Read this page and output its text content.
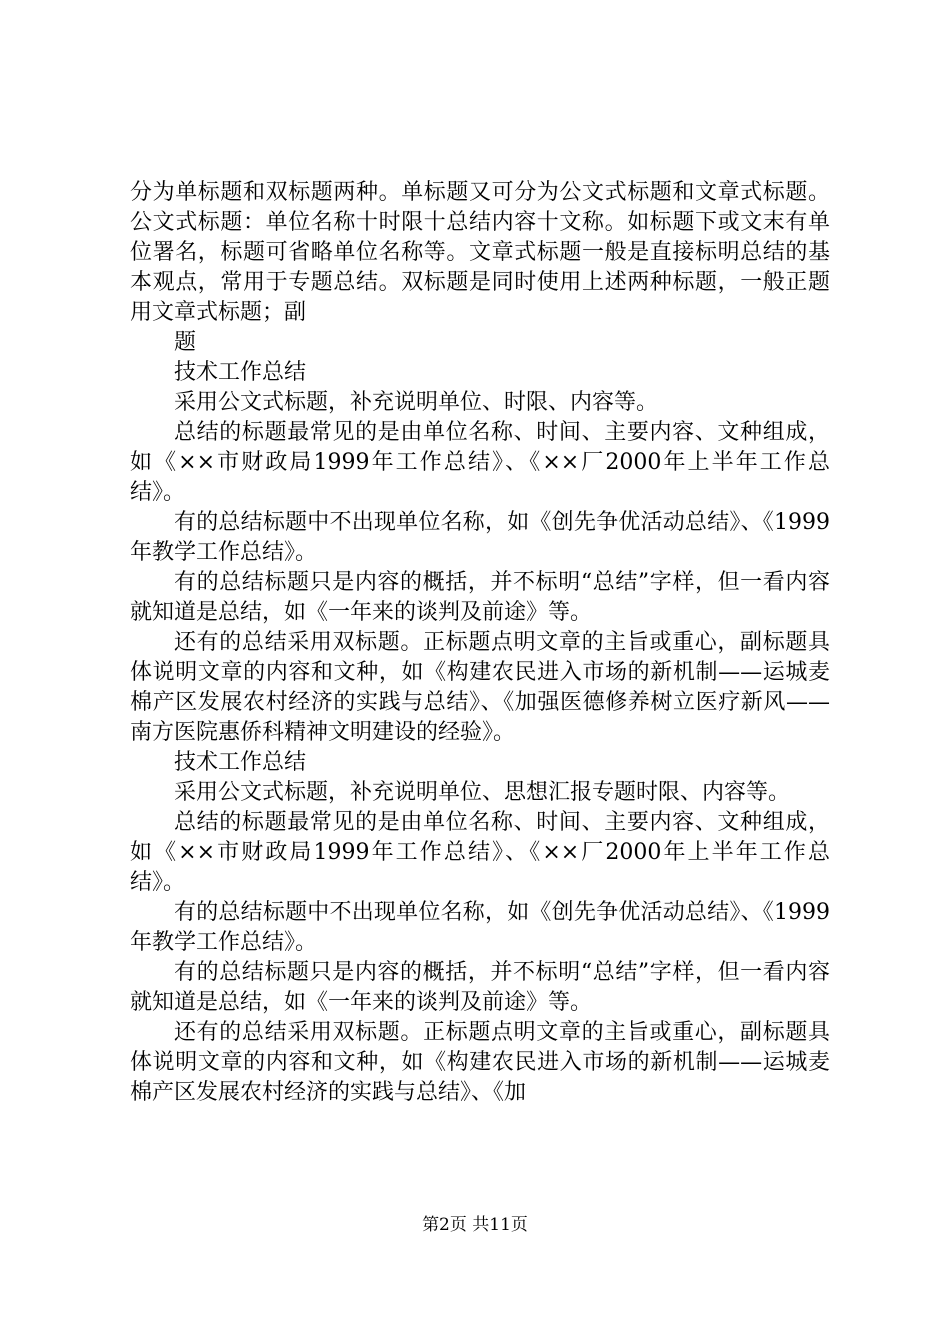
分为单标题和双标题两种。单标题又可分为公文式标题和文章式标题。公文式标题：单位名称十时限十总结内容十文称。如标题下或文末有单位署名，标题可省略单位名称等。文章式标题一般是直接标明总结的基本观点，常用于专题总结。双标题是同时使用上述两种标题，一般正题用文章式标题；副

题

技术工作总结

采用公文式标题，补充说明单位、时限、内容等。

总结的标题最常见的是由单位名称、时间、主要内容、文种组成，如《××市财政局1999年工作总结》、《××厂2000年上半年工作总结》。

有的总结标题中不出现单位名称，如《创先争优活动总结》、《1999年教学工作总结》。

有的总结标题只是内容的概括，并不标明“总结”字样，但一看内容就知道是总结，如《一年来的谈判及前途》等。

还有的总结采用双标题。正标题点明文章的主旨或重心，副标题具体说明文章的内容和文种，如《构建农民进入市场的新机制——运城麦棉产区发展农村经济的实践与总结》、《加强医德修养树立医疗新风——南方医院惠侨科精神文明建设的经验》。

技术工作总结

采用公文式标题，补充说明单位、思想汇报专题时限、内容等。

总结的标题最常见的是由单位名称、时间、主要内容、文种组成，如《××市财政局1999年工作总结》、《××厂2000年上半年工作总结》。

有的总结标题中不出现单位名称，如《创先争优活动总结》、《1999年教学工作总结》。

有的总结标题只是内容的概括，并不标明“总结”字样，但一看内容就知道是总结，如《一年来的谈判及前途》等。

还有的总结采用双标题。正标题点明文章的主旨或重心，副标题具体说明文章的内容和文种，如《构建农民进入市场的新机制——运城麦棉产区发展农村经济的实践与总结》、《加

第2页 共11页
